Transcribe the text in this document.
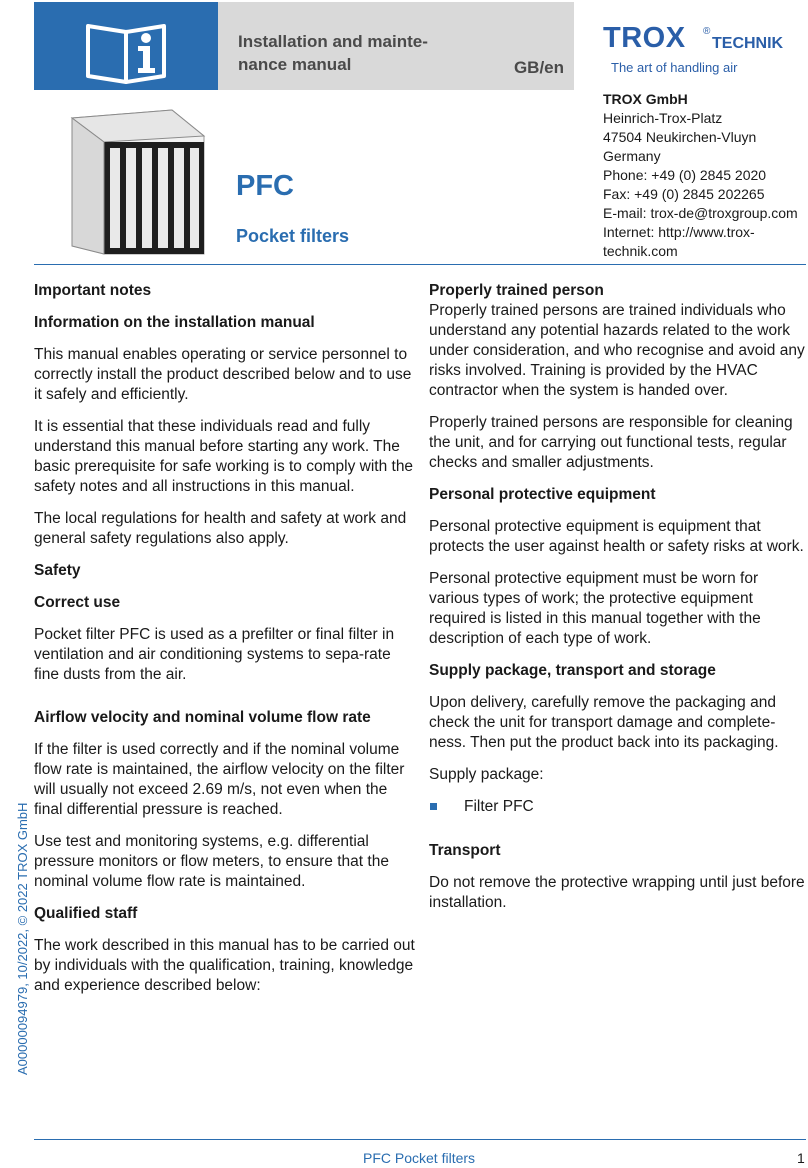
Installation and mainte-
nance manual	GB/en
TROX ®
TECHNIK
The art of handling air
PFC
Pocket filters
TROX GmbH
Heinrich-Trox-Platz
47504 Neukirchen-Vluyn
Germany
Phone: +49 (0) 2845 2020
Fax: +49 (0) 2845 202265
E-mail: trox-de@troxgroup.com
Internet: http://www.trox-
technik.com

Important notes

Information on the installation manual

This manual enables operating or service personnel to correctly install the product described below and to use it safely and efficiently.

It is essential that these individuals read and fully understand this manual before starting any work. The basic prerequisite for safe working is to comply with the safety notes and all instructions in this manual.

The local regulations for health and safety at work and general safety regulations also apply.

Safety

Correct use

Pocket filter PFC is used as a prefilter or final filter in ventilation and air conditioning systems to sepa-rate fine dusts from the air.

Airflow velocity and nominal volume flow rate

If the filter is used correctly and if the nominal volume flow rate is maintained, the airflow velocity on the filter will usually not exceed 2.69 m/s, not even when the final differential pressure is reached.

Use test and monitoring systems, e.g. differential pressure monitors or flow meters, to ensure that the nominal volume flow rate is maintained.

Qualified staff

The work described in this manual has to be carried out by individuals with the qualification, training, knowledge and experience described below:

Properly trained person

Properly trained persons are trained individuals who understand any potential hazards related to the work under consideration, and who recognise and avoid any risks involved. Training is provided by the HVAC contractor when the system is handed over.

Properly trained persons are responsible for cleaning the unit, and for carrying out functional tests, regular checks and smaller adjustments.

Personal protective equipment

Personal protective equipment is equipment that protects the user against health or safety risks at work.

Personal protective equipment must be worn for various types of work; the protective equipment required is listed in this manual together with the description of each type of work.

Supply package, transport and storage

Upon delivery, carefully remove the packaging and check the unit for transport damage and complete-ness. Then put the product back into its packaging.

Supply package:

Filter PFC

Transport

Do not remove the protective wrapping until just before installation.

A00000094979, 10/2022, © 2022 TROX GmbH
PFC Pocket filters	1
